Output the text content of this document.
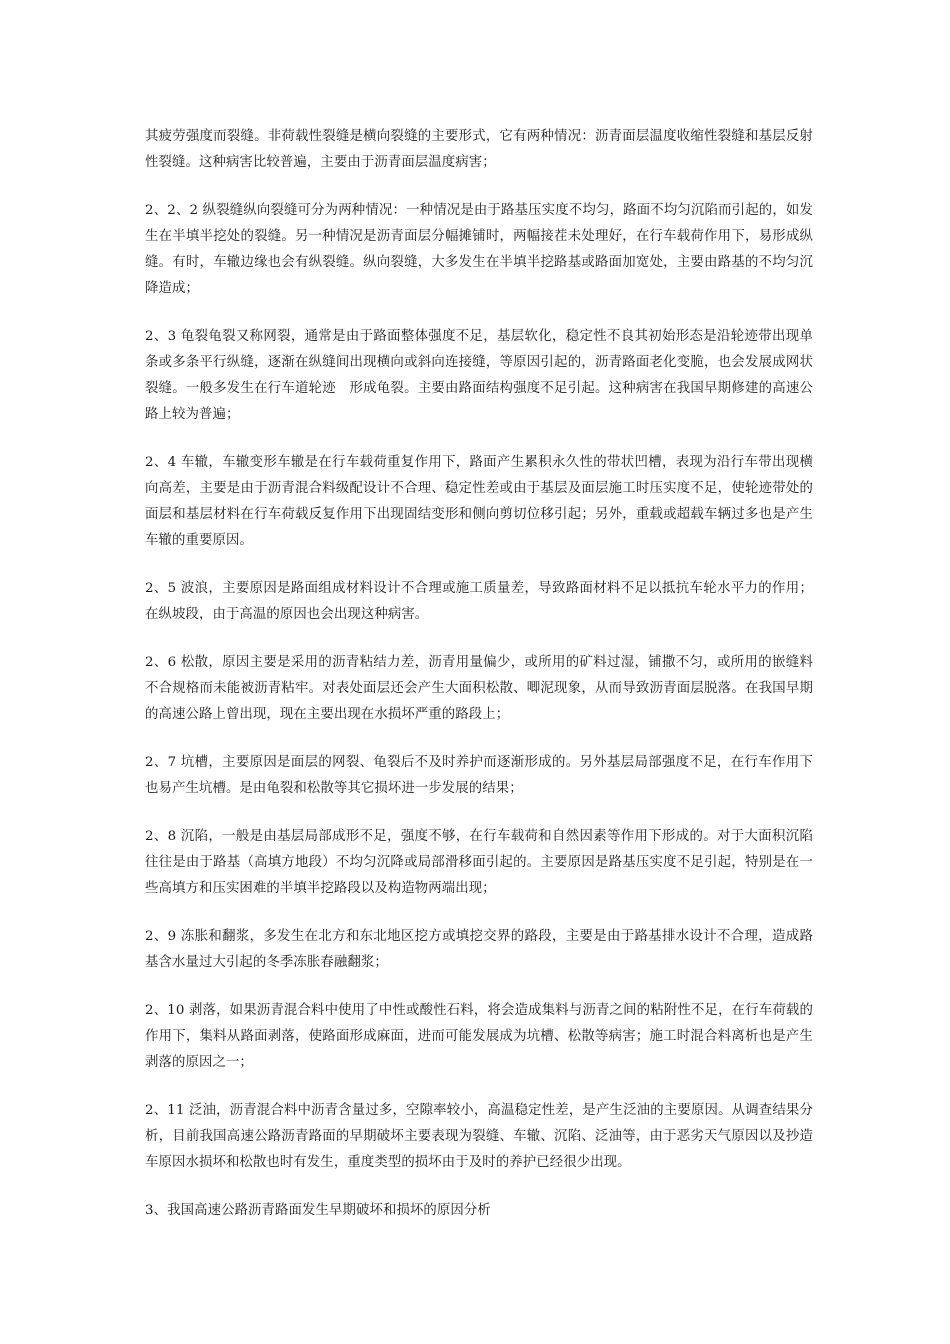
其疲劳强度而裂缝。非荷载性裂缝是横向裂缝的主要形式，它有两种情况：沥青面层温度收缩性裂缝和基层反射性裂缝。这种病害比较普遍，主要由于沥青面层温度病害；

2、2、2 纵裂缝纵向裂缝可分为两种情况：一种情况是由于路基压实度不均匀，路面不均匀沉陷而引起的，如发生在半填半挖处的裂缝。另一种情况是沥青面层分幅摊铺时，两幅接茬未处理好，在行车载荷作用下，易形成纵缝。有时，车辙边缘也会有纵裂缝。纵向裂缝，大多发生在半填半挖路基或路面加宽处，主要由路基的不均匀沉降造成；

2、3 龟裂龟裂又称网裂，通常是由于路面整体强度不足，基层软化，稳定性不良其初始形态是沿轮迹带出现单条或多条平行纵缝，逐渐在纵缝间出现横向或斜向连接缝，等原因引起的，沥青路面老化变脆，也会发展成网状裂缝。一般多发生在行车道轮迹　形成龟裂。主要由路面结构强度不足引起。这种病害在我国早期修建的高速公路上较为普遍；

2、4 车辙，车辙变形车辙是在行车载荷重复作用下，路面产生累积永久性的带状凹槽，表现为沿行车带出现横向高差，主要是由于沥青混合料级配设计不合理、稳定性差或由于基层及面层施工时压实度不足，使轮迹带处的面层和基层材料在行车荷载反复作用下出现固结变形和侧向剪切位移引起；另外，重载或超载车辆过多也是产生车辙的重要原因。

2、5 波浪，主要原因是路面组成材料设计不合理或施工质量差，导致路面材料不足以抵抗车轮水平力的作用；在纵坡段，由于高温的原因也会出现这种病害。

2、6 松散，原因主要是采用的沥青粘结力差，沥青用量偏少，或所用的矿料过湿，铺撒不匀，或所用的嵌缝料不合规格而未能被沥青粘牢。对表处面层还会产生大面积松散、唧泥现象，从而导致沥青面层脱落。在我国早期的高速公路上曾出现，现在主要出现在水损坏严重的路段上；

2、7 坑槽，主要原因是面层的网裂、龟裂后不及时养护而逐渐形成的。另外基层局部强度不足，在行车作用下也易产生坑槽。是由龟裂和松散等其它损坏进一步发展的结果；

2、8 沉陷，一般是由基层局部成形不足，强度不够，在行车载荷和自然因素等作用下形成的。对于大面积沉陷往往是由于路基（高填方地段）不均匀沉降或局部滑移面引起的。主要原因是路基压实度不足引起，特别是在一些高填方和压实困难的半填半挖路段以及构造物两端出现；

2、9 冻胀和翻浆，多发生在北方和东北地区挖方或填挖交界的路段，主要是由于路基排水设计不合理，造成路基含水量过大引起的冬季冻胀春融翻浆；

2、10 剥落，如果沥青混合料中使用了中性或酸性石料，将会造成集料与沥青之间的粘附性不足，在行车荷载的作用下，集料从路面剥落，使路面形成麻面，进而可能发展成为坑槽、松散等病害；施工时混合料离析也是产生剥落的原因之一；

2、11 泛油，沥青混合料中沥青含量过多，空隙率较小，高温稳定性差，是产生泛油的主要原因。从调查结果分析，目前我国高速公路沥青路面的早期破坏主要表现为裂缝、车辙、沉陷、泛油等，由于恶劣天气原因以及抄造车原因水损坏和松散也时有发生，重度类型的损坏由于及时的养护已经很少出现。

3、我国高速公路沥青路面发生早期破坏和损坏的原因分析
